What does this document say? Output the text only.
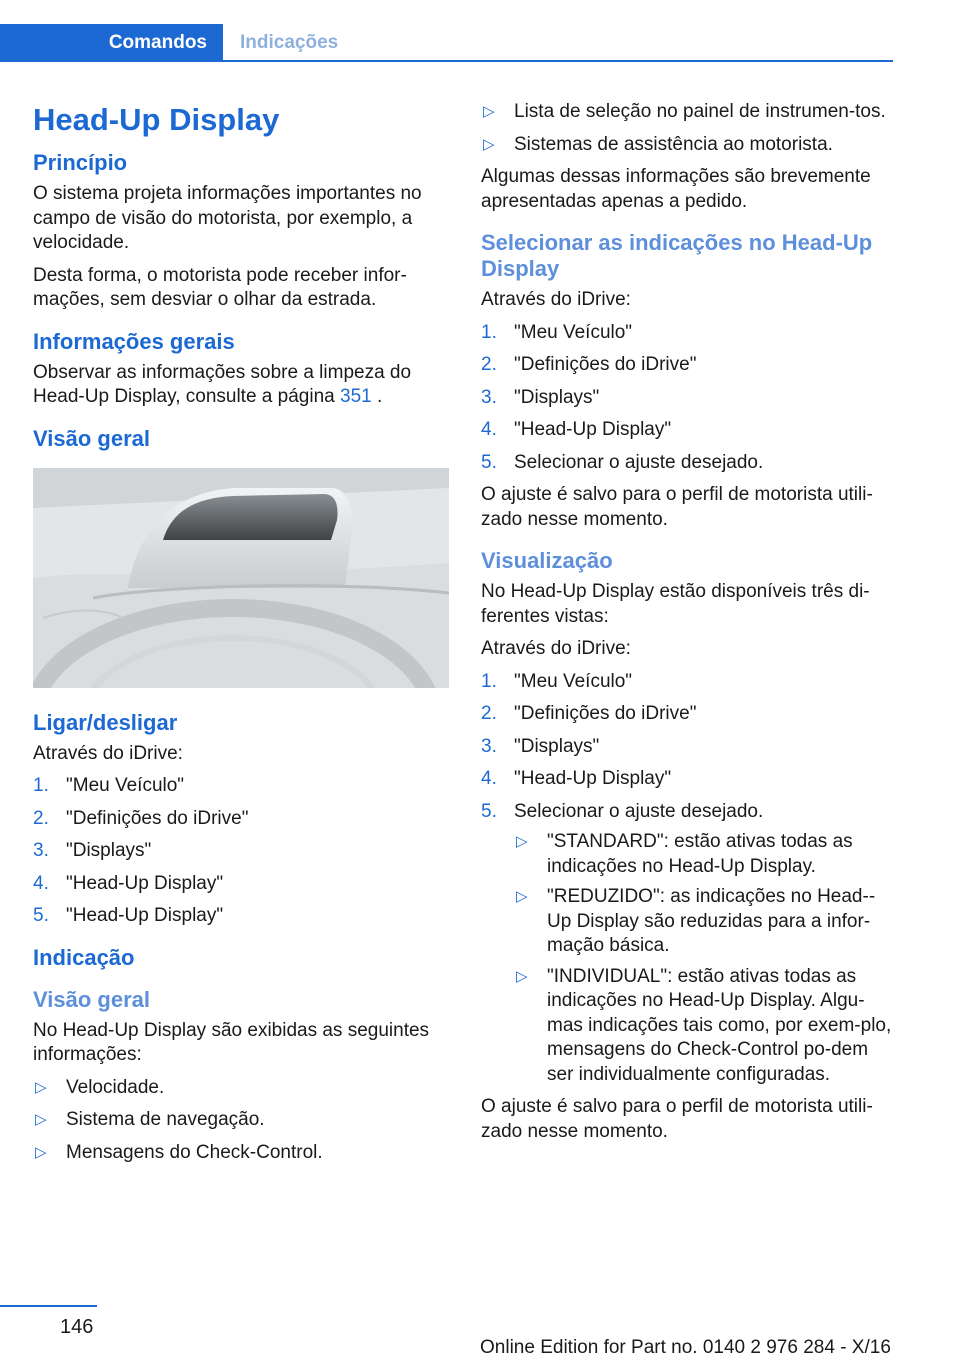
Comandos	Indicações
Head-Up Display
Princípio

O sistema projeta informações importantes no campo de visão do motorista, por exemplo, a velocidade.

Desta forma, o motorista pode receber infor‐mações, sem desviar o olhar da estrada.

Informações gerais

Observar as informações sobre a limpeza do Head-Up Display, consulte a página 351 .

Visão geral
Ligar/desligar

Através do iDrive:

1. "Meu Veículo"
2. "Definições do iDrive"
3. "Displays"
4. "Head-Up Display"
5. "Head-Up Display"
Indicação
Visão geral

No Head-Up Display são exibidas as seguintes informações:

▷ Velocidade.
▷ Sistema de navegação.
▷ Mensagens do Check-Control.
▷ Lista de seleção no painel de instrumen‐tos.
▷ Sistemas de assistência ao motorista.

Algumas dessas informações são brevemente apresentadas apenas a pedido.

Selecionar as indicações no Head-Up Display

Através do iDrive:

1. "Meu Veículo"
2. "Definições do iDrive"
3. "Displays"
4. "Head-Up Display"
5. Selecionar o ajuste desejado.

O ajuste é salvo para o perfil de motorista utili‐zado nesse momento.

Visualização

No Head-Up Display estão disponíveis três di‐ferentes vistas:

Através do iDrive:

1. "Meu Veículo"
2. "Definições do iDrive"
3. "Displays"
4. "Head-Up Display"
5. Selecionar o ajuste desejado.
▷ "STANDARD": estão ativas todas as indicações no Head-Up Display.
▷ "REDUZIDO": as indicações no Head-‐Up Display são reduzidas para a infor‐mação básica.
▷ "INDIVIDUAL": estão ativas todas as indicações no Head-Up Display. Algu‐mas indicações tais como, por exem‐plo, mensagens do Check-Control po‐dem ser individualmente configuradas.

O ajuste é salvo para o perfil de motorista utili‐zado nesse momento.

146
Online Edition for Part no. 0140 2 976 284 - X/16
